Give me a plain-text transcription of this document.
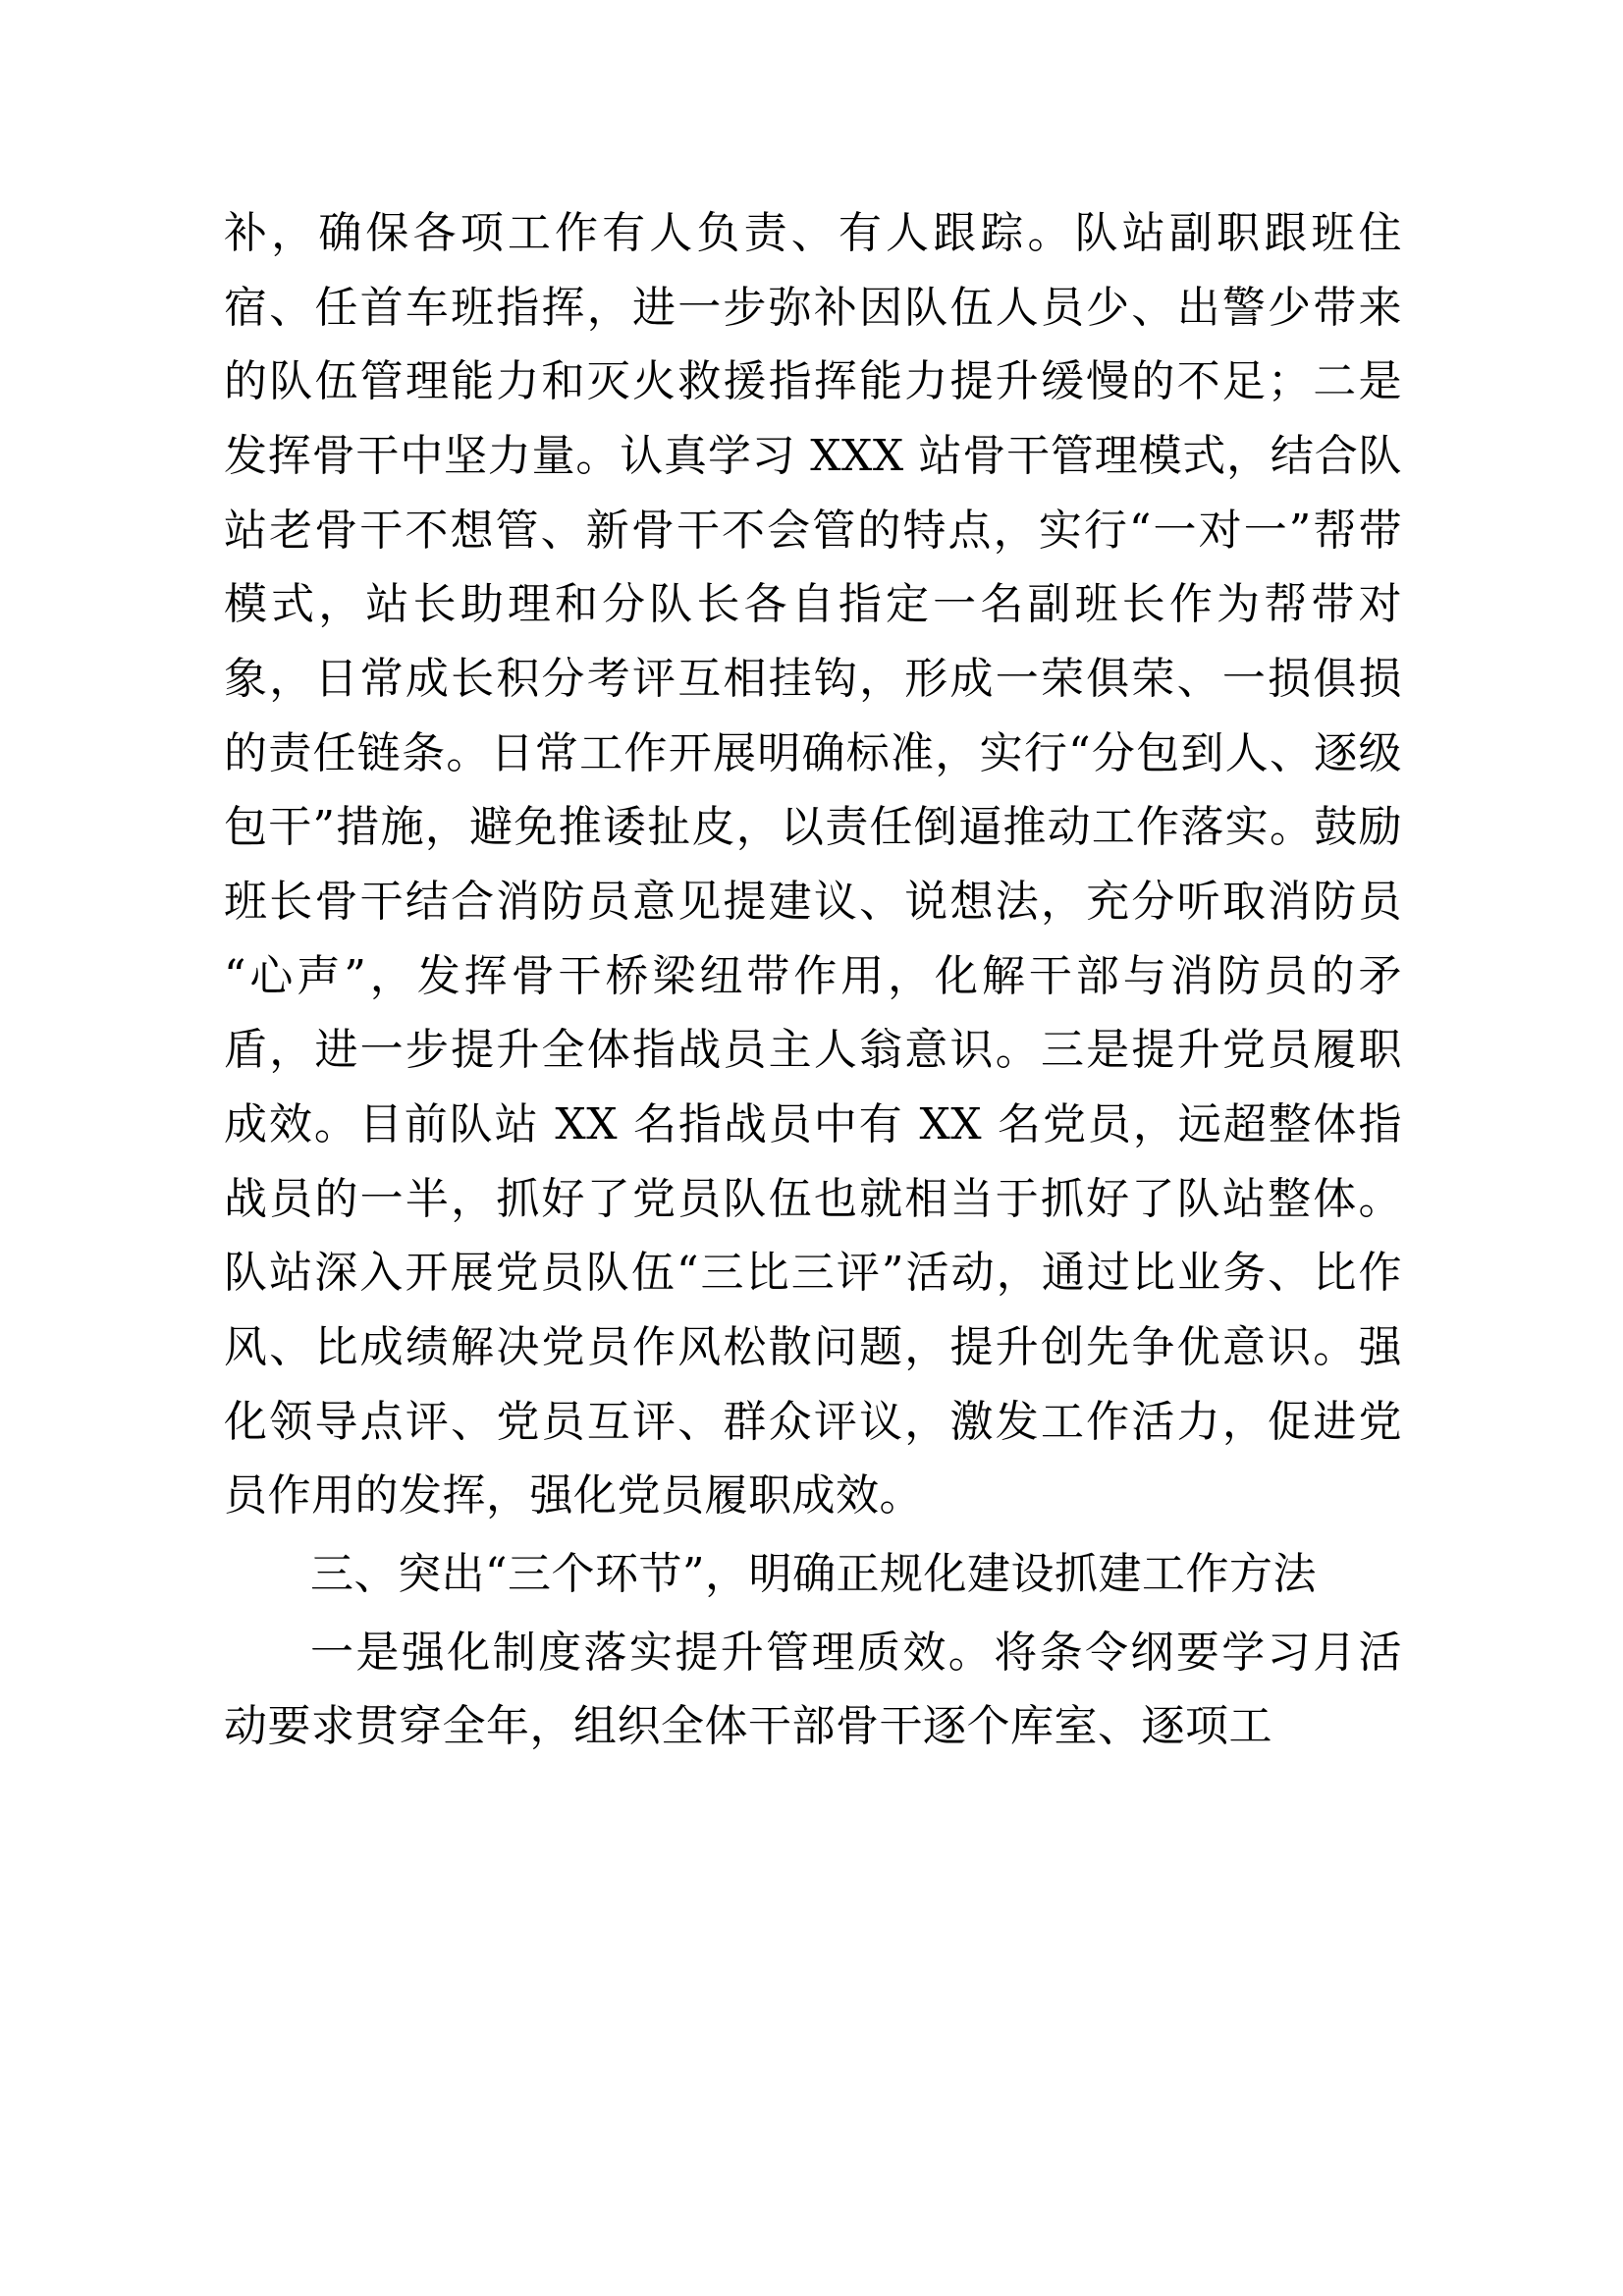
补，确保各项工作有人负责、有人跟踪。队站副职跟班住宿、任首车班指挥，进一步弥补因队伍人员少、出警少带来的队伍管理能力和灭火救援指挥能力提升缓慢的不足；二是发挥骨干中坚力量。认真学习 XXX 站骨干管理模式，结合队站老骨干不想管、新骨干不会管的特点，实行“一对一”帮带模式，站长助理和分队长各自指定一名副班长作为帮带对象，日常成长积分考评互相挂钩，形成一荣俱荣、一损俱损的责任链条。日常工作开展明确标准，实行“分包到人、逐级包干”措施，避免推诿扯皮，以责任倒逼推动工作落实。鼓励班长骨干结合消防员意见提建议、说想法，充分听取消防员“心声”，发挥骨干桥梁纽带作用，化解干部与消防员的矛盾，进一步提升全体指战员主人翁意识。三是提升党员履职成效。目前队站 XX 名指战员中有 XX 名党员，远超整体指战员的一半，抓好了党员队伍也就相当于抓好了队站整体。队站深入开展党员队伍“三比三评”活动，通过比业务、比作风、比成绩解决党员作风松散问题，提升创先争优意识。强化领导点评、党员互评、群众评议，激发工作活力，促进党员作用的发挥，强化党员履职成效。

三、突出“三个环节”，明确正规化建设抓建工作方法

一是强化制度落实提升管理质效。将条令纲要学习月活动要求贯穿全年，组织全体干部骨干逐个库室、逐项工
